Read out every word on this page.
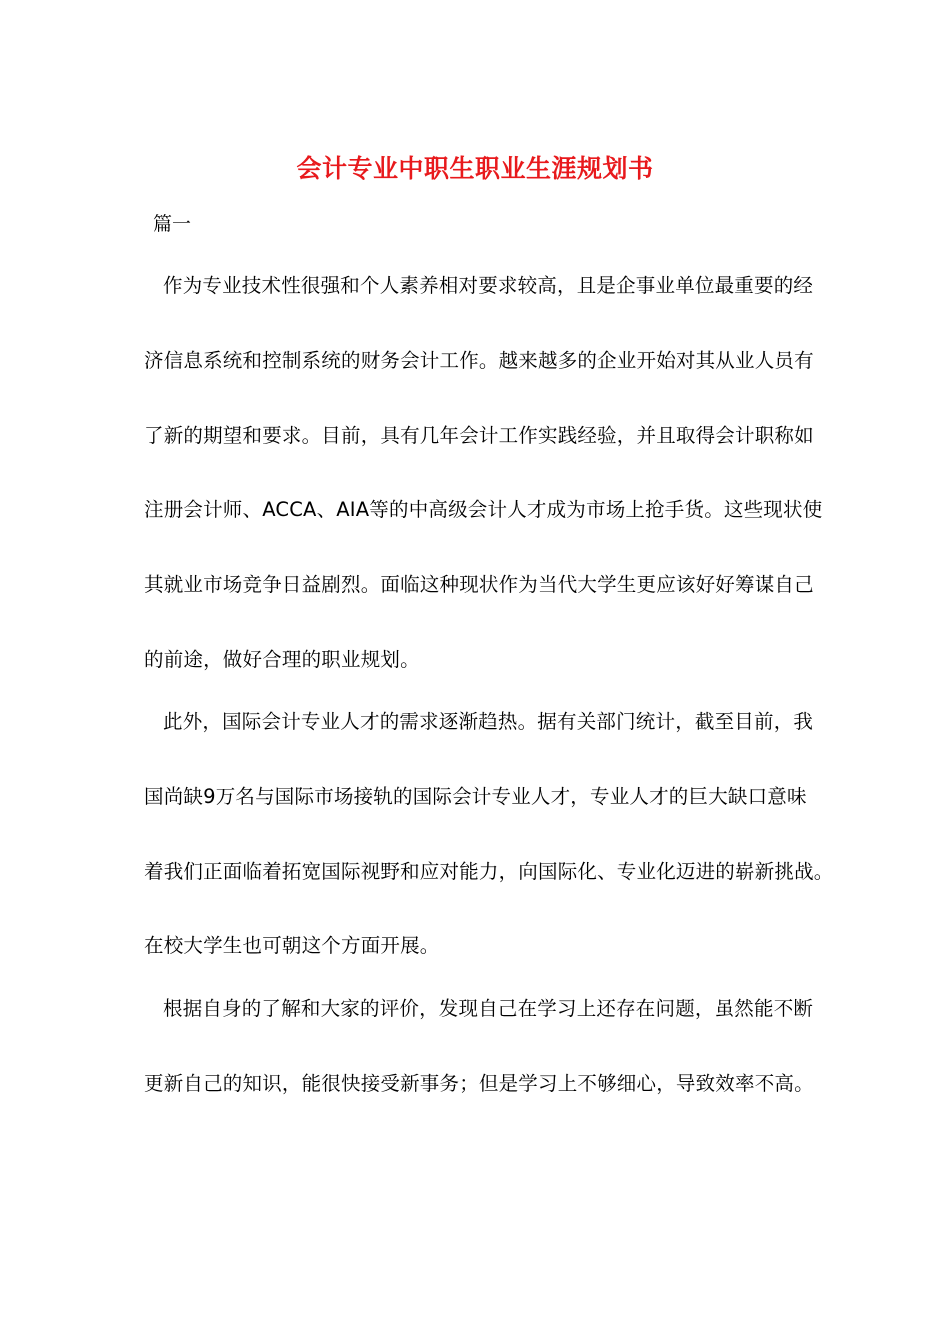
会计专业中职生职业生涯规划书

篇一

作为专业技术性很强和个人素养相对要求较高，且是企事业单位最重要的经

济信息系统和控制系统的财务会计工作。越来越多的企业开始对其从业人员有

了新的期望和要求。目前，具有几年会计工作实践经验，并且取得会计职称如

注册会计师、ACCA、AIA等的中高级会计人才成为市场上抢手货。这些现状使

其就业市场竞争日益剧烈。面临这种现状作为当代大学生更应该好好筹谋自己

的前途，做好合理的职业规划。

此外，国际会计专业人才的需求逐渐趋热。据有关部门统计，截至目前，我

国尚缺9万名与国际市场接轨的国际会计专业人才，专业人才的巨大缺口意味

着我们正面临着拓宽国际视野和应对能力，向国际化、专业化迈进的崭新挑战。

在校大学生也可朝这个方面开展。

根据自身的了解和大家的评价，发现自己在学习上还存在问题，虽然能不断

更新自己的知识，能很快接受新事务；但是学习上不够细心，导致效率不高。
